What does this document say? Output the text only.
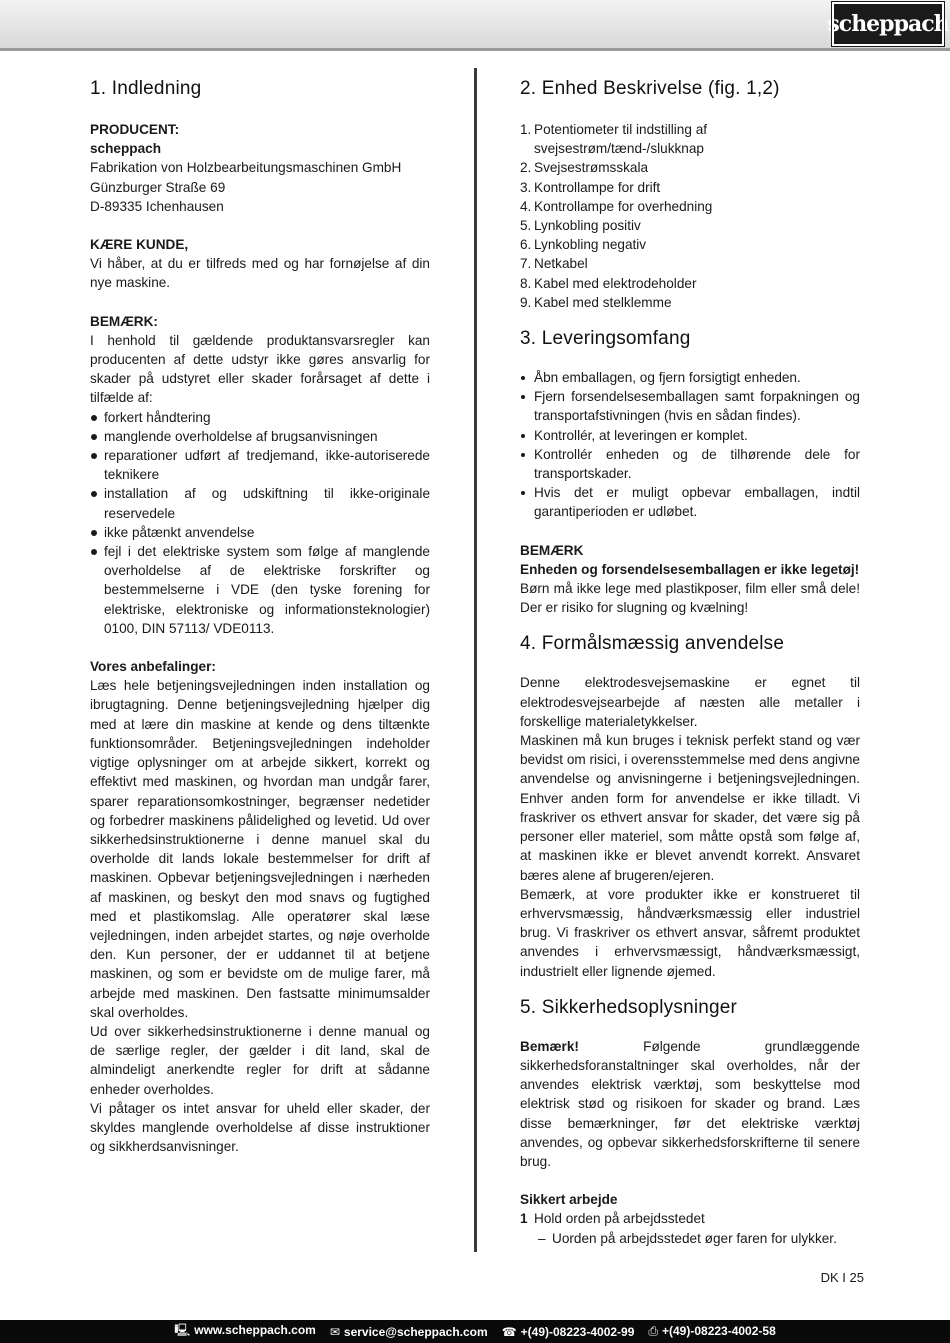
scheppach
1. Indledning

PRODUCENT:

scheppach

Fabrikation von Holzbearbeitungsmaschinen GmbH

Günzburger Straße 69

D-89335 Ichenhausen

KÆRE KUNDE,

Vi håber, at du er tilfreds med og har fornøjelse af din nye maskine.

BEMÆRK:

I henhold til gældende produktansvarsregler kan producenten af dette udstyr ikke gøres ansvarlig for skader på udstyret eller skader forårsaget af dette i tilfælde af:

forkert håndtering
manglende overholdelse af brugsanvisningen
reparationer udført af tredjemand, ikke-autoriserede teknikere
installation af og udskiftning til ikke-originale reservedele
ikke påtænkt anvendelse
fejl i det elektriske system som følge af manglende overholdelse af de elektriske forskrifter og bestemmelserne i VDE (den tyske forening for elektriske, elektroniske og informationsteknologier) 0100, DIN 57113/ VDE0113.

Vores anbefalinger:

Læs hele betjeningsvejledningen inden installation og ibrugtagning. Denne betjeningsvejledning hjælper dig med at lære din maskine at kende og dens tiltænkte funktionsområder. Betjeningsvejledningen indeholder vigtige oplysninger om at arbejde sikkert, korrekt og effektivt med maskinen, og hvordan man undgår farer, sparer reparationsomkostninger, begrænser nedetider og forbedrer maskinens pålidelighed og levetid. Ud over sikkerhedsinstruktionerne i denne manuel skal du overholde dit lands lokale bestemmelser for drift af maskinen. Opbevar betjeningsvejledningen i nærheden af maskinen, og beskyt den mod snavs og fugtighed med et plastikomslag. Alle operatører skal læse vejledningen, inden arbejdet startes, og nøje overholde den. Kun personer, der er uddannet til at betjene maskinen, og som er bevidste om de mulige farer, må arbejde med maskinen. Den fastsatte minimumsalder skal overholdes.

Ud over sikkerhedsinstruktionerne i denne manual og de særlige regler, der gælder i dit land, skal de almindeligt anerkendte regler for drift at sådanne enheder overholdes.

Vi påtager os intet ansvar for uheld eller skader, der skyldes manglende overholdelse af disse instruktioner og sikkherdsanvisninger.

2. Enhed Beskrivelse (fig. 1,2)
1. Potentiometer til indstilling af svejsestrøm/tænd-/slukknap
2. Svejsestrømsskala
3. Kontrollampe for drift
4. Kontrollampe for overhedning
5. Lynkobling positiv
6. Lynkobling negativ
7. Netkabel
8. Kabel med elektrodeholder
9. Kabel med stelklemme
3. Leveringsomfang
Åbn emballagen, og fjern forsigtigt enheden.
Fjern forsendelsesemballagen samt forpakningen og transportafstivningen (hvis en sådan findes).
Kontrollér, at leveringen er komplet.
Kontrollér enheden og de tilhørende dele for transportskader.
Hvis det er muligt opbevar emballagen, indtil garantiperioden er udløbet.

BEMÆRK

Enheden og forsendelsesemballagen er ikke legetøj!

Børn må ikke lege med plastikposer, film eller små dele! Der er risiko for slugning og kvælning!

4. Formålsmæssig anvendelse

Denne elektrodesvejsemaskine er egnet til elektrodesvejsearbejde af næsten alle metaller i forskellige materialetykkelser.

Maskinen må kun bruges i teknisk perfekt stand og vær bevidst om risici, i overensstemmelse med dens angivne anvendelse og anvisningerne i betjeningsvejledningen. Enhver anden form for anvendelse er ikke tilladt. Vi fraskriver os ethvert ansvar for skader, det være sig på personer eller materiel, som måtte opstå som følge af, at maskinen ikke er blevet anvendt korrekt. Ansvaret bæres alene af brugeren/ejeren.

Bemærk, at vore produkter ikke er konstrueret til erhvervsmæssig, håndværksmæssig eller industriel brug. Vi fraskriver os ethvert ansvar, såfremt produktet anvendes i erhvervsmæssigt, håndværksmæssigt, industrielt eller lignende øjemed.

5. Sikkerhedsoplysninger

Bemærk!	Følgende grundlæggende sikkerhedsforanstaltninger skal overholdes, når der anvendes elektrisk værktøj, som beskyttelse mod elektrisk stød og risikoen for skader og brand. Læs disse bemærkninger, før det elektriske værktøj anvendes, og opbevar sikkerhedsforskrifterne til senere brug.

Sikkert arbejde

1 Hold orden på arbejdsstedet
– Uorden på arbejdsstedet øger faren for ulykker.
DK I 25
🖳 www.scheppach.com ✉ service@scheppach.com ☎ +(49)-08223-4002-99 ⎙ +(49)-08223-4002-58
